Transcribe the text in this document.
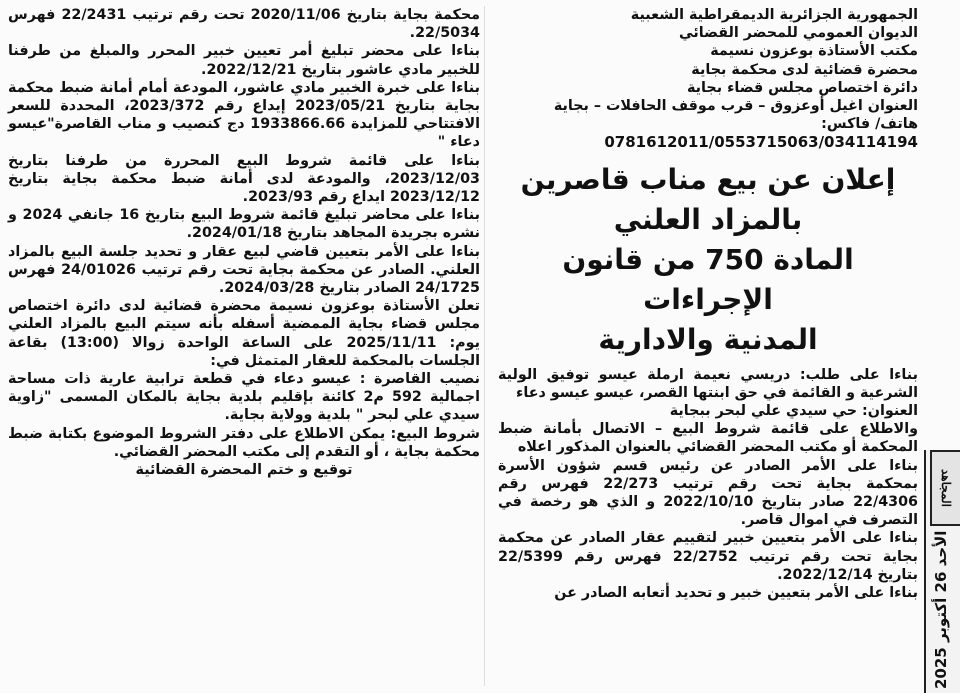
الجمهورية الجزائرية الديمقراطية الشعبية

الديوان العمومي للمحضر القضائي

مكتب الأستاذة بوعزون نسيمة

محضرة قضائية لدى محكمة بجاية

دائرة اختصاص مجلس قضاء بجاية

العنوان اغيل أوعزوق – قرب موقف الحافلات – بجاية

هاتف/ فاكس:

0781612011/0553715063/034114194

إعلان عن بيع مناب قاصرين
بالمزاد العلني
المادة 750 من قانون الإجراءات
المدنية والادارية

بناءا على طلب: دريسي نعيمة ارملة عيسو توفيق الولية الشرعية و القائمة في حق ابنتها القصر، عيسو عيسو دعاء

العنوان: حي سيدي علي لبحر ببجاية

والاطلاع على قائمة شروط البيع – الاتصال بأمانة ضبط المحكمة أو مكتب المحضر القضائي بالعنوان المذكور اعلاه

بناءا على الأمر الصادر عن رئيس قسم شؤون الأسرة بمحكمة بجاية تحت رقم ترتيب 22/273 فهرس رقم 22/4306 صادر بتاريخ 2022/10/10 و الذي هو رخصة في التصرف في اموال قاصر.

بناءا على الأمر بتعيين خبير لتقييم عقار الصادر عن محكمة بجاية تحت رقم ترتيب 22/2752 فهرس رقم 22/5399 بتاريخ 2022/12/14.

بناءا على الأمر بتعيين خبير و تحديد أتعابه الصادر عن

محكمة بجاية بتاريخ 2020/11/06 تحت رقم ترتيب 22/2431 فهرس 22/5034.

بناءا على محضر تبليغ أمر تعيين خبير المحرر والمبلغ من طرفنا للخبير مادي عاشور بتاريخ 2022/12/21.

بناءا على خبرة الخبير مادي عاشور، المودعة أمام أمانة ضبط محكمة بجاية بتاريخ 2023/05/21 إيداع رقم 2023/372، المحددة للسعر الافتتاحي للمزايدة 1933866.66 دج كنصيب و مناب القاصرة"عيسو دعاء "

بناءا على قائمة شروط البيع المحررة من طرفنا بتاريخ 2023/12/03، والمودعة لدى أمانة ضبط محكمة بجاية بتاريخ 2023/12/12 ايداع رقم 2023/93.

بناءا على محاضر تبليغ قائمة شروط البيع بتاريخ 16 جانفي 2024 و نشره بجريدة المجاهد بتاريخ 2024/01/18.

بناءا على الأمر بتعيين قاضي لبيع عقار و تحديد جلسة البيع بالمزاد العلني. الصادر عن محكمة بجاية تحت رقم ترتيب 24/01026 فهرس 24/1725 الصادر بتاريخ 2024/03/28.

تعلن الأستاذة بوعزون نسيمة محضرة قضائية لدى دائرة اختصاص مجلس قضاء بجاية الممضية أسفله بأنه سيتم البيع بالمزاد العلني يوم: 2025/11/11 على الساعة الواحدة زوالا (13:00) بقاعة الجلسات بالمحكمة للعقار المتمثل في:

نصيب القاصرة : عيسو دعاء في قطعة ترابية عارية ذات مساحة اجمالية 592 م2 كائنة بإقليم بلدية بجاية بالمكان المسمى "زاوية سيدي علي لبحر " بلدية وولاية بجاية.

شروط البيع: يمكن الاطلاع على دفتر الشروط الموضوع بكتابة ضبط محكمة بجاية ، أو التقدم إلى مكتب المحضر القضائي.

توقيع و ختم المحضرة القضائية	المجاهد
الأحد 26 أكتوبر 2025
